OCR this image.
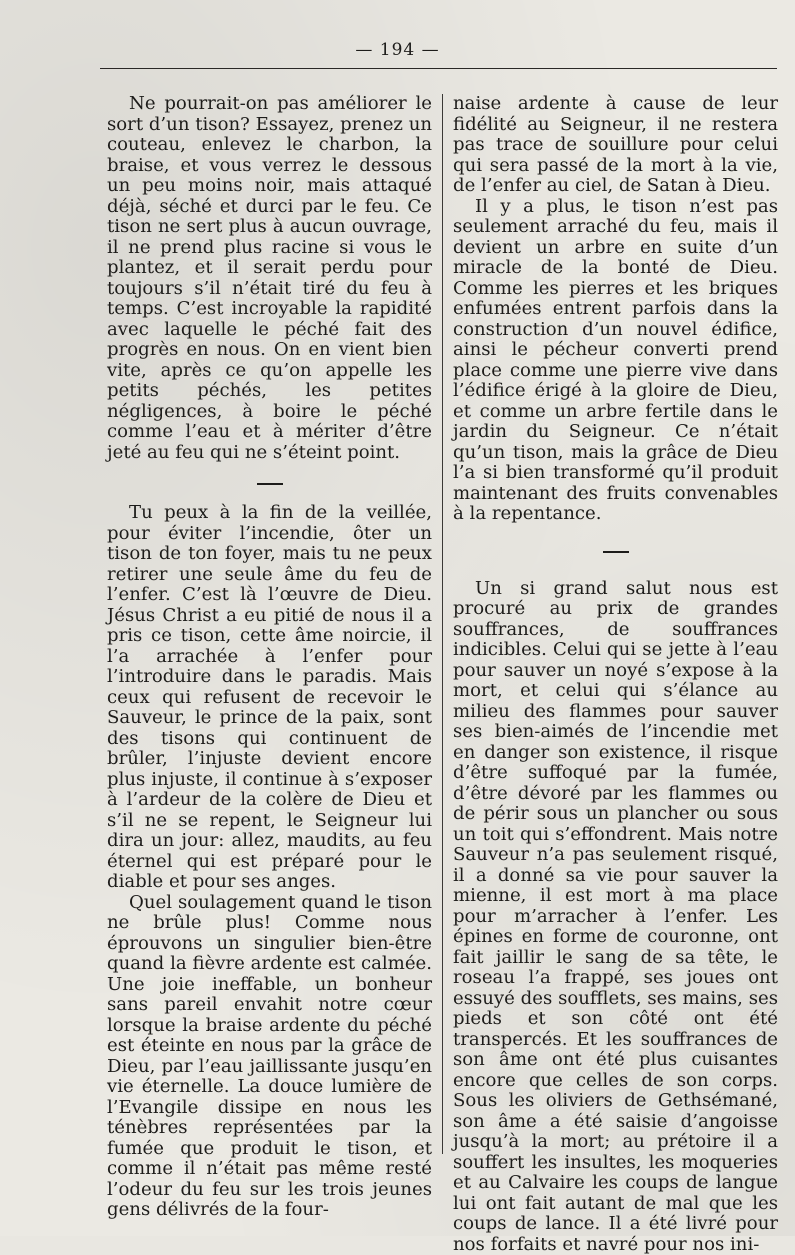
— 194 —

Ne pourrait-on pas améliorer le sort d’un tison? Essayez, prenez un couteau, enlevez le charbon, la braise, et vous verrez le dessous un peu moins noir, mais attaqué déjà, séché et durci par le feu. Ce tison ne sert plus à aucun ouvrage, il ne prend plus racine si vous le plantez, et il serait perdu pour toujours s’il n’était tiré du feu à temps. C’est incroyable la rapidité avec laquelle le péché fait des progrès en nous. On en vient bien vite, après ce qu’on appelle les petits péchés, les petites négligences, à boire le péché comme l’eau et à mériter d’être jeté au feu qui ne s’éteint point.

Tu peux à la fin de la veillée, pour éviter l’incendie, ôter un tison de ton foyer, mais tu ne peux retirer une seule âme du feu de l’enfer. C’est là l’œuvre de Dieu. Jésus Christ a eu pitié de nous il a pris ce tison, cette âme noircie, il l’a arrachée à l’enfer pour l’introduire dans le paradis. Mais ceux qui refusent de recevoir le Sauveur, le prince de la paix, sont des tisons qui continuent de brûler, l’injuste devient encore plus injuste, il continue à s’exposer à l’ardeur de la colère de Dieu et s’il ne se repent, le Seigneur lui dira un jour: allez, maudits, au feu éternel qui est préparé pour le diable et pour ses anges.

Quel soulagement quand le tison ne brûle plus! Comme nous éprouvons un singulier bien-être quand la fièvre ardente est calmée. Une joie ineffable, un bonheur sans pareil envahit notre cœur lorsque la braise ardente du péché est éteinte en nous par la grâce de Dieu, par l’eau jaillissante jusqu’en vie éternelle. La douce lumière de l’Evangile dissipe en nous les ténèbres représentées par la fumée que produit le tison, et comme il n’était pas même resté l’odeur du feu sur les trois jeunes gens délivrés de la four-

naise ardente à cause de leur fidélité au Seigneur, il ne restera pas trace de souillure pour celui qui sera passé de la mort à la vie, de l’enfer au ciel, de Satan à Dieu.

Il y a plus, le tison n’est pas seulement arraché du feu, mais il devient un arbre en suite d’un miracle de la bonté de Dieu. Comme les pierres et les briques enfumées entrent parfois dans la construction d’un nouvel édifice, ainsi le pécheur converti prend place comme une pierre vive dans l’édifice érigé à la gloire de Dieu, et comme un arbre fertile dans le jardin du Seigneur. Ce n’était qu’un tison, mais la grâce de Dieu l’a si bien transformé qu’il produit maintenant des fruits convenables à la repentance.

Un si grand salut nous est procuré au prix de grandes souffrances, de souffrances indicibles. Celui qui se jette à l’eau pour sauver un noyé s’expose à la mort, et celui qui s’élance au milieu des flammes pour sauver ses bien-aimés de l’incendie met en danger son existence, il risque d’être suffoqué par la fumée, d’être dévoré par les flammes ou de périr sous un plancher ou sous un toit qui s’effondrent. Mais notre Sauveur n’a pas seulement risqué, il a donné sa vie pour sauver la mienne, il est mort à ma place pour m’arracher à l’enfer. Les épines en forme de couronne, ont fait jaillir le sang de sa tête, le roseau l’a frappé, ses joues ont essuyé des soufflets, ses mains, ses pieds et son côté ont été transpercés. Et les souffrances de son âme ont été plus cuisantes encore que celles de son corps. Sous les oliviers de Gethsémané, son âme a été saisie d’angoisse jusqu’à la mort; au prétoire il a souffert les insultes, les moqueries et au Calvaire les coups de langue lui ont fait autant de mal que les coups de lance. Il a été livré pour nos forfaits et navré pour nos ini-
